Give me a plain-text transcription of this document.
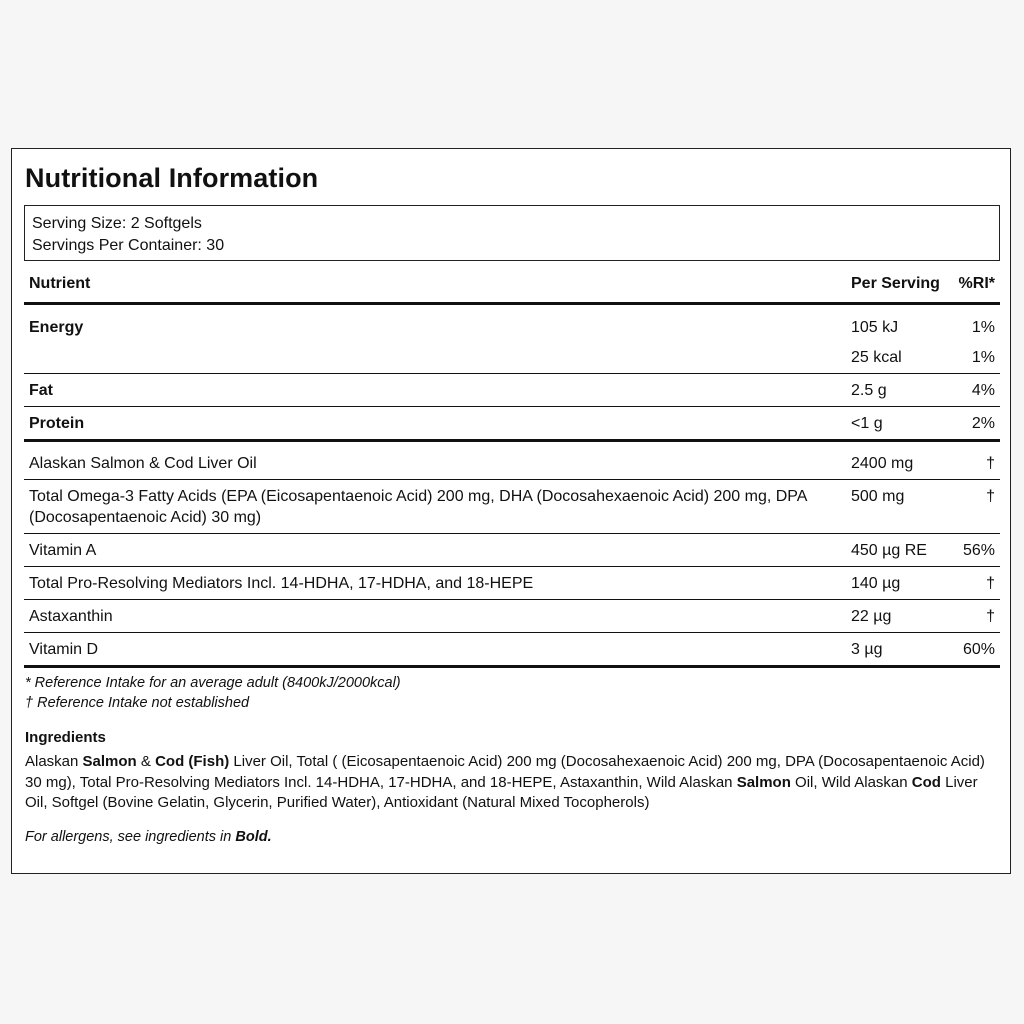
Nutritional Information
Serving Size: 2 Softgels
Servings Per Container: 30
Nutrient	Per Serving	%RI*
Energy	105 kJ	1%
	25 kcal	1%
Fat	2.5 g	4%
Protein	<1 g	2%
Alaskan Salmon & Cod Liver Oil	2400 mg	†
Total Omega-3 Fatty Acids (EPA (Eicosapentaenoic Acid) 200 mg, DHA (Docosahexaenoic Acid) 200 mg, DPA (Docosapentaenoic Acid) 30 mg)	500 mg	†
Vitamin A	450 µg RE	56%
Total Pro-Resolving Mediators Incl. 14-HDHA, 17-HDHA, and 18-HEPE	140 µg	†
Astaxanthin	22 µg	†
Vitamin D	3 µg	60%
* Reference Intake for an average adult (8400kJ/2000kcal)
† Reference Intake not established
Ingredients
Alaskan Salmon & Cod (Fish) Liver Oil, Total ( (Eicosapentaenoic Acid) 200 mg (Docosahexaenoic Acid) 200 mg, DPA (Docosapentaenoic Acid) 30 mg), Total Pro-Resolving Mediators Incl. 14-HDHA, 17-HDHA, and 18-HEPE, Astaxanthin, Wild Alaskan Salmon Oil, Wild Alaskan Cod Liver Oil, Softgel (Bovine Gelatin, Glycerin, Purified Water), Antioxidant (Natural Mixed Tocopherols)
For allergens, see ingredients in Bold.
